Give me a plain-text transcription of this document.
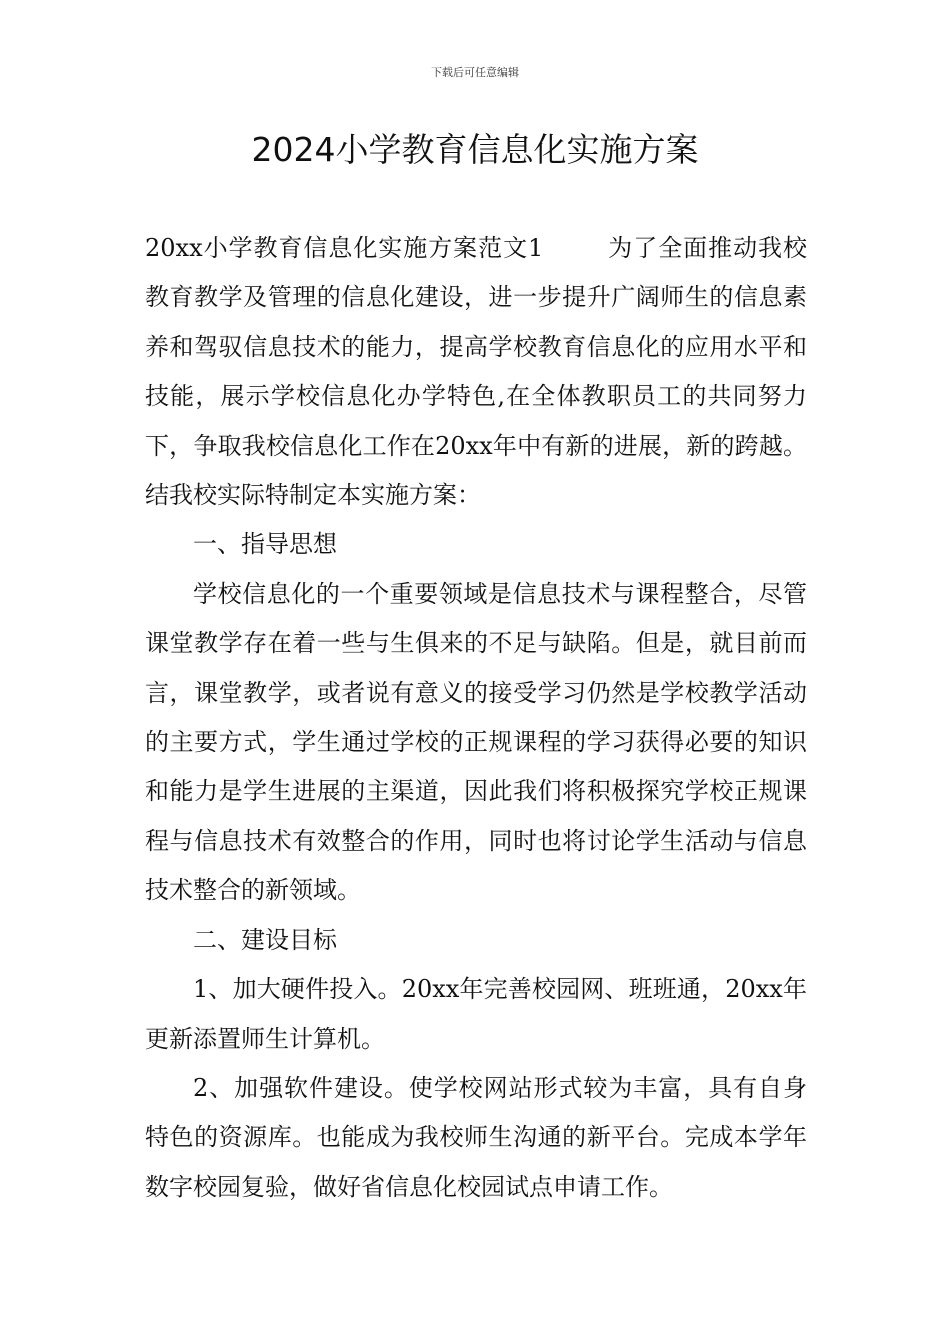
下载后可任意编辑
2024小学教育信息化实施方案

20xx小学教育信息化实施方案范文1	为了全面推动我校教育教学及管理的信息化建设，进一步提升广阔师生的信息素养和驾驭信息技术的能力，提高学校教育信息化的应用水平和技能，展示学校信息化办学特色,在全体教职员工的共同努力下，争取我校信息化工作在20xx年中有新的进展，新的跨越。结我校实际特制定本实施方案：

一、指导思想

学校信息化的一个重要领域是信息技术与课程整合，尽管课堂教学存在着一些与生俱来的不足与缺陷。但是，就目前而言，课堂教学，或者说有意义的接受学习仍然是学校教学活动的主要方式，学生通过学校的正规课程的学习获得必要的知识和能力是学生进展的主渠道，因此我们将积极探究学校正规课程与信息技术有效整合的作用，同时也将讨论学生活动与信息技术整合的新领域。

二、建设目标

1、加大硬件投入。20xx年完善校园网、班班通，20xx年更新添置师生计算机。

2、加强软件建设。使学校网站形式较为丰富，具有自身特色的资源库。也能成为我校师生沟通的新平台。完成本学年数字校园复验，做好省信息化校园试点申请工作。
